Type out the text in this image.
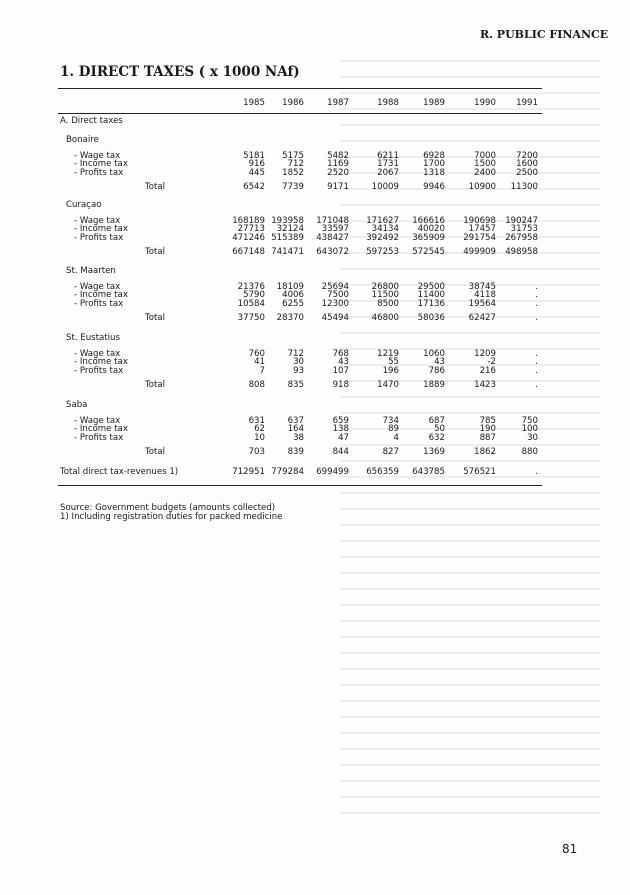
R. PUBLIC FINANCE
1. DIRECT TAXES ( x 1000 NAf)
1985	1986	1987	1988	1989	1990	1991
A. Direct taxes
Bonaire
- Wage tax	5181	5175	5482	6211	6928	7000	7200
- Income tax	916	712	1169	1731	1700	1500	1600
- Profits tax	445	1852	2520	2067	1318	2400	2500
Total	6542	7739	9171	10009	9946	10900	11300
Curaçao
- Wage tax	168189 193958	171048	171627	166616	190698	190247
- Income tax	27713	32124	33597	34134	40020	17457	31753
- Profits tax	471246 515389	438427	392492	365909	291754	267958
Total	667148 741471	643072	597253	572545	499909	498958
St. Maarten
- Wage tax	21376	18109	25694	26800	29500	38745	.
- Income tax	5790	4006	7500	11500	11400	4118	.
- Profits tax	10584	6255	12300	8500	17136	19564	.
Total	37750	28370	45494	46800	58036	62427	.
St. Eustatius
- Wage tax	760	712	768	1219	1060	1209	.
- Income tax	41	30	43	55	43	-2	.
- Profits tax	7	93	107	196	786	216	.
Total	808	835	918	1470	1889	1423	.
Saba
- Wage tax	631	637	659	734	687	785	750
- Income tax	62	164	138	89	50	190	100
- Profits tax	10	38	47	4	632	887	30
Total	703	839	844	827	1369	1862	880
Total direct tax-revenues 1)	712951 779284	699499	656359	643785	576521	.
Source: Government budgets (amounts collected)
1) Including registration duties for packed medicine
81
